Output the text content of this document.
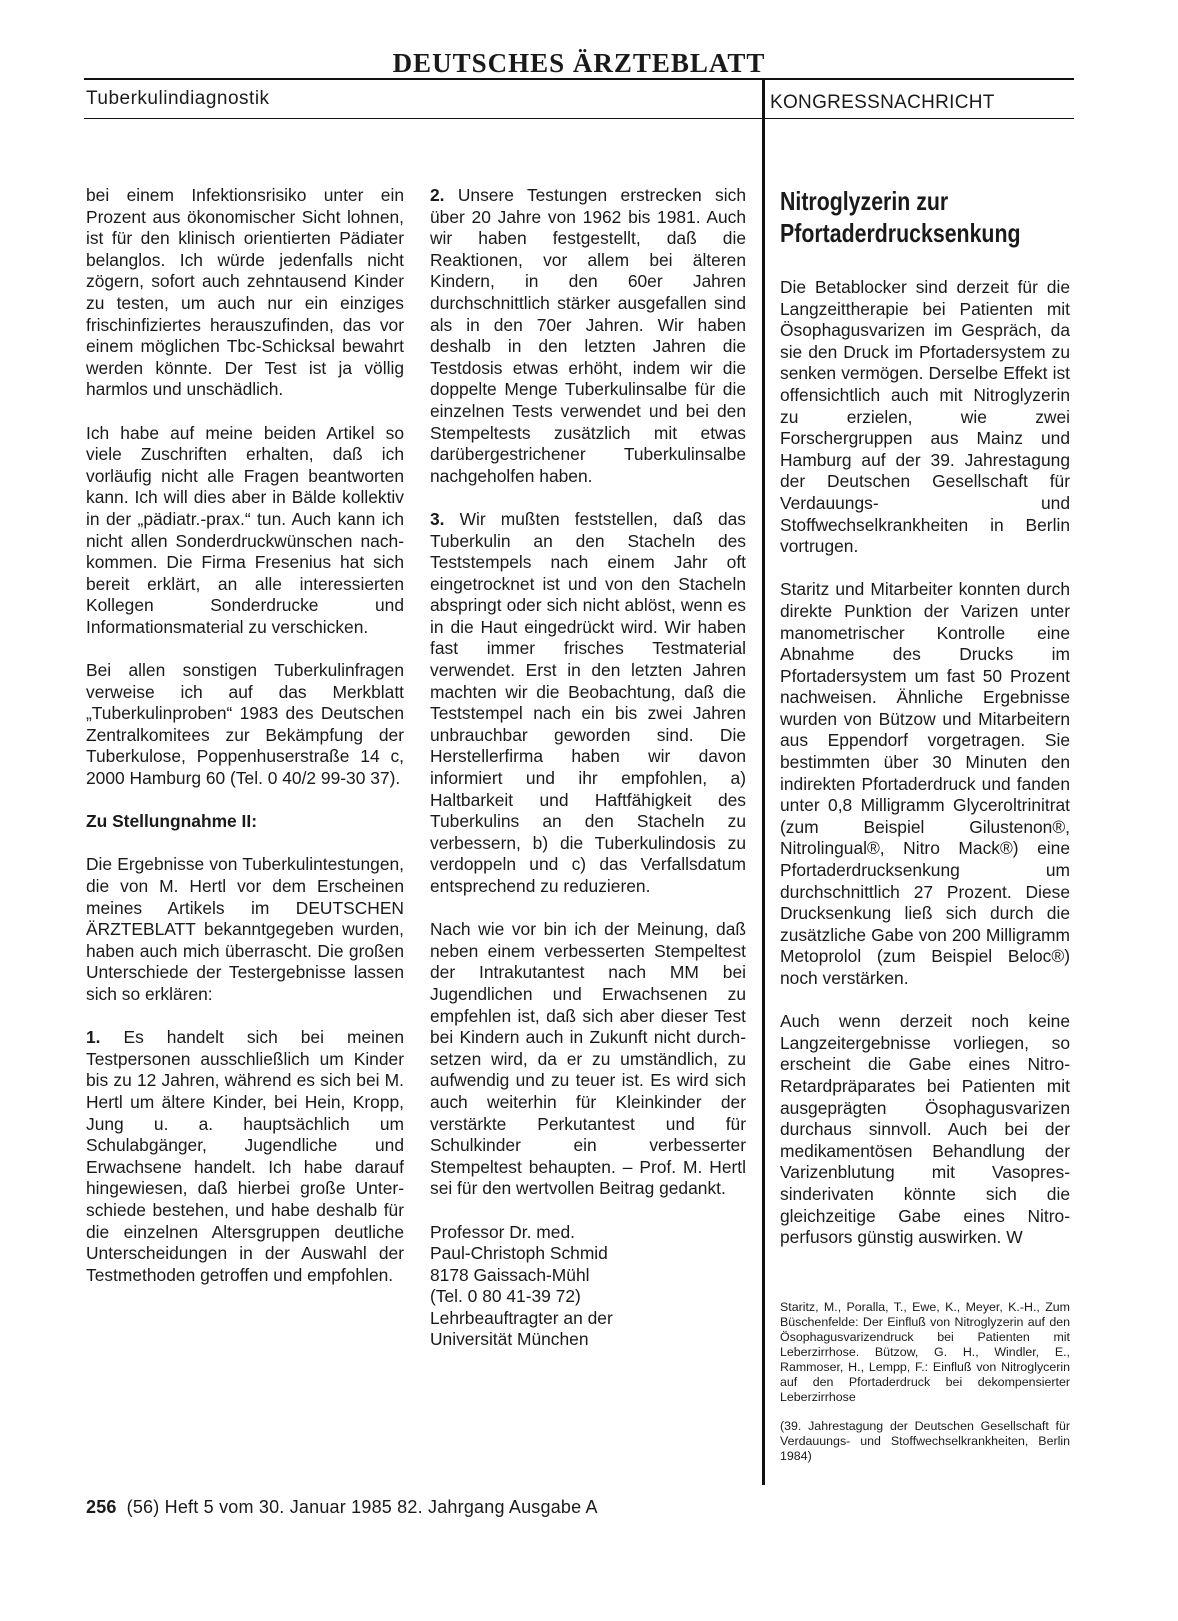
DEUTSCHES ÄRZTEBLATT
Tuberkulindiagnostik	KONGRESSNACHRICHT

bei einem Infektionsrisiko unter ein Prozent aus ökonomischer Sicht lohnen, ist für den klinisch orientierten Pädiater belanglos. Ich würde jedenfalls nicht zögern, sofort auch zehntausend Kinder zu testen, um auch nur ein einziges frischinfiziertes herauszufinden, das vor einem möglichen Tbc-Schicksal bewahrt werden könnte. Der Test ist ja völlig harmlos und unschädlich.

Ich habe auf meine beiden Artikel so viele Zuschriften erhalten, daß ich vorläufig nicht alle Fragen beantworten kann. Ich will dies aber in Bälde kollektiv in der „pädiatr.-prax.“ tun. Auch kann ich nicht allen Sonderdruckwünschen nachkommen. Die Firma Fresenius hat sich bereit erklärt, an alle interessierten Kollegen Sonderdrucke und Informationsmaterial zu verschicken.

Bei allen sonstigen Tuberkulinfragen verweise ich auf das Merkblatt „Tuberkulinproben“ 1983 des Deutschen Zentralkomitees zur Bekämpfung der Tuberkulose, Poppenhuserstraße 14 c, 2000 Hamburg 60 (Tel. 0 40/2 99-30 37).

Zu Stellungnahme II:

Die Ergebnisse von Tuberkulintestungen, die von M. Hertl vor dem Erscheinen meines Artikels im DEUTSCHEN ÄRZTEBLATT bekanntgegeben wurden, haben auch mich überrascht. Die großen Unterschiede der Testergebnisse lassen sich so erklären:

1. Es handelt sich bei meinen Testpersonen ausschließlich um Kinder bis zu 12 Jahren, während es sich bei M. Hertl um ältere Kinder, bei Hein, Kropp, Jung u. a. hauptsächlich um Schulabgänger, Jugendliche und Erwachsene handelt. Ich habe darauf hingewiesen, daß hierbei große Unterschiede bestehen, und habe deshalb für die einzelnen Altersgruppen deutliche Unterscheidungen in der Auswahl der Testmethoden getroffen und empfohlen.

2. Unsere Testungen erstrecken sich über 20 Jahre von 1962 bis 1981. Auch wir haben festgestellt, daß die Reaktionen, vor allem bei älteren Kindern, in den 60er Jahren durchschnittlich stärker ausgefallen sind als in den 70er Jahren. Wir haben deshalb in den letzten Jahren die Testdosis etwas erhöht, indem wir die doppelte Menge Tuberkulinsalbe für die einzelnen Tests verwendet und bei den Stempeltests zusätzlich mit etwas darübergestrichener Tuberkulinsalbe nachgeholfen haben.

3. Wir mußten feststellen, daß das Tuberkulin an den Stacheln des Teststempels nach einem Jahr oft eingetrocknet ist und von den Stacheln abspringt oder sich nicht ablöst, wenn es in die Haut eingedrückt wird. Wir haben fast immer frisches Testmaterial verwendet. Erst in den letzten Jahren machten wir die Beobachtung, daß die Teststempel nach ein bis zwei Jahren unbrauchbar geworden sind. Die Herstellerfirma haben wir davon informiert und ihr empfohlen, a) Haltbarkeit und Haftfähigkeit des Tuberkulins an den Stacheln zu verbessern, b) die Tuberkulindosis zu verdoppeln und c) das Verfallsdatum entsprechend zu reduzieren.

Nach wie vor bin ich der Meinung, daß neben einem verbesserten Stempeltest der Intrakutantest nach MM bei Jugendlichen und Erwachsenen zu empfehlen ist, daß sich aber dieser Test bei Kindern auch in Zukunft nicht durchsetzen wird, da er zu umständlich, zu aufwendig und zu teuer ist. Es wird sich auch weiterhin für Kleinkinder der verstärkte Perkutantest und für Schulkinder ein verbesserter Stempeltest behaupten. – Prof. M. Hertl sei für den wertvollen Beitrag gedankt.

Professor Dr. med.
Paul-Christoph Schmid
8178 Gaissach-Mühl
(Tel. 0 80 41-39 72)
Lehrbeauftragter an der
Universität München
Nitroglyzerin zur
Pfortaderdrucksenkung

Die Betablocker sind derzeit für die Langzeittherapie bei Patienten mit Ösophagusvarizen im Gespräch, da sie den Druck im Pfortadersystem zu senken vermögen. Derselbe Effekt ist offensichtlich auch mit Nitroglyzerin zu erzielen, wie zwei Forschergruppen aus Mainz und Hamburg auf der 39. Jahrestagung der Deutschen Gesellschaft für Verdauungs- und Stoffwechselkrankheiten in Berlin vortrugen.

Staritz und Mitarbeiter konnten durch direkte Punktion der Varizen unter manometrischer Kontrolle eine Abnahme des Drucks im Pfortadersystem um fast 50 Prozent nachweisen. Ähnliche Ergebnisse wurden von Bützow und Mitarbeitern aus Eppendorf vorgetragen. Sie bestimmten über 30 Minuten den indirekten Pfortaderdruck und fanden unter 0,8 Milligramm Glyceroltrinitrat (zum Beispiel Gilustenon®, Nitrolingual®, Nitro Mack®) eine Pfortaderdrucksenkung um durchschnittlich 27 Prozent. Diese Drucksenkung ließ sich durch die zusätzliche Gabe von 200 Milligramm Metoprolol (zum Beispiel Beloc®) noch verstärken.

Auch wenn derzeit noch keine Langzeitergebnisse vorliegen, so erscheint die Gabe eines Nitro-Retardpräparates bei Patienten mit ausgeprägten Ösophagusvarizen durchaus sinnvoll. Auch bei der medikamentösen Behandlung der Varizenblutung mit Vasopressinderivaten könnte sich die gleichzeitige Gabe eines Nitroperfusors günstig auswirken. W

Staritz, M., Poralla, T., Ewe, K., Meyer, K.-H., Zum Büschenfelde: Der Einfluß von Nitroglyzerin auf den Ösophagusvarizendruck bei Patienten mit Leberzirrhose. Bützow, G. H., Windler, E., Rammoser, H., Lempp, F.: Einfluß von Nitroglycerin auf den Pfortaderdruck bei dekompensierter Leberzirrhose

(39. Jahrestagung der Deutschen Gesellschaft für Verdauungs- und Stoffwechselkrankheiten, Berlin 1984)

256 (56) Heft 5 vom 30. Januar 1985 82. Jahrgang Ausgabe A
